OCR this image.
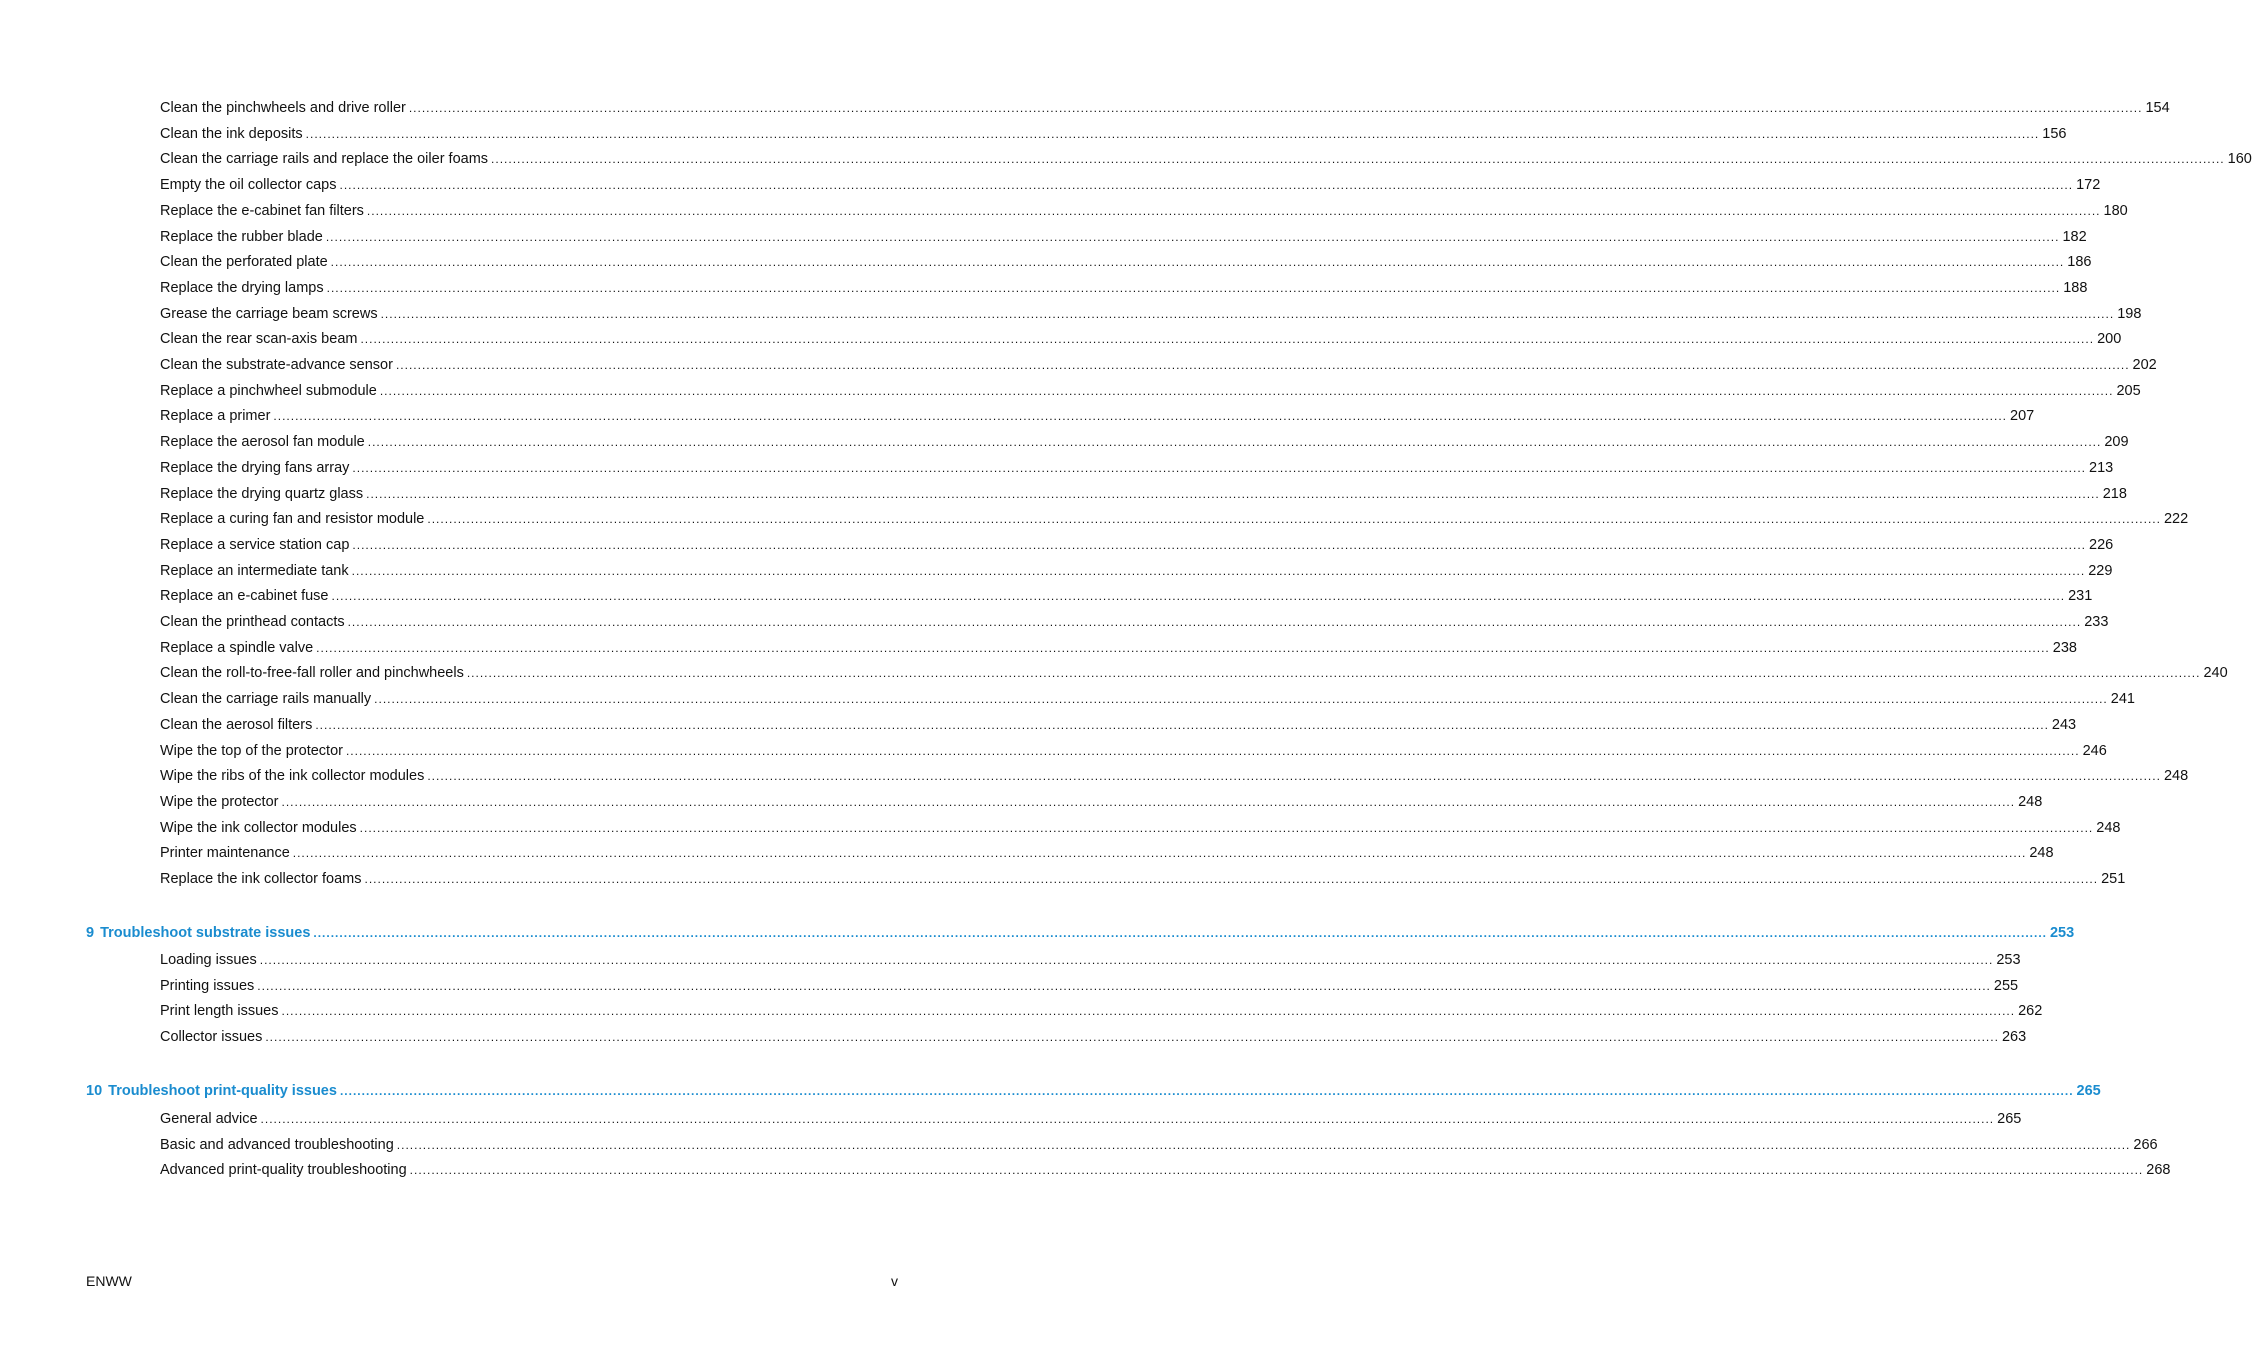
Clean the pinchwheels and drive roller ................................................................................................................................................................................................................................................................................................................................................................................................................ 154
Clean the ink deposits ................................................................................................................................................................................................................................................................................................................................................................................................................ 156
Clean the carriage rails and replace the oiler foams ................................................................................................................................................................................................................................................................................................................................................................................................................ 160
Empty the oil collector caps ................................................................................................................................................................................................................................................................................................................................................................................................................ 172
Replace the e-cabinet fan filters ................................................................................................................................................................................................................................................................................................................................................................................................................ 180
Replace the rubber blade ................................................................................................................................................................................................................................................................................................................................................................................................................ 182
Clean the perforated plate ................................................................................................................................................................................................................................................................................................................................................................................................................ 186
Replace the drying lamps ................................................................................................................................................................................................................................................................................................................................................................................................................ 188
Grease the carriage beam screws ................................................................................................................................................................................................................................................................................................................................................................................................................ 198
Clean the rear scan-axis beam ................................................................................................................................................................................................................................................................................................................................................................................................................ 200
Clean the substrate-advance sensor ................................................................................................................................................................................................................................................................................................................................................................................................................ 202
Replace a pinchwheel submodule ................................................................................................................................................................................................................................................................................................................................................................................................................ 205
Replace a primer ................................................................................................................................................................................................................................................................................................................................................................................................................ 207
Replace the aerosol fan module ................................................................................................................................................................................................................................................................................................................................................................................................................ 209
Replace the drying fans array ................................................................................................................................................................................................................................................................................................................................................................................................................ 213
Replace the drying quartz glass ................................................................................................................................................................................................................................................................................................................................................................................................................ 218
Replace a curing fan and resistor module ................................................................................................................................................................................................................................................................................................................................................................................................................ 222
Replace a service station cap ................................................................................................................................................................................................................................................................................................................................................................................................................ 226
Replace an intermediate tank ................................................................................................................................................................................................................................................................................................................................................................................................................ 229
Replace an e-cabinet fuse ................................................................................................................................................................................................................................................................................................................................................................................................................ 231
Clean the printhead contacts ................................................................................................................................................................................................................................................................................................................................................................................................................ 233
Replace a spindle valve ................................................................................................................................................................................................................................................................................................................................................................................................................ 238
Clean the roll-to-free-fall roller and pinchwheels ................................................................................................................................................................................................................................................................................................................................................................................................................ 240
Clean the carriage rails manually ................................................................................................................................................................................................................................................................................................................................................................................................................ 241
Clean the aerosol filters ................................................................................................................................................................................................................................................................................................................................................................................................................ 243
Wipe the top of the protector ................................................................................................................................................................................................................................................................................................................................................................................................................ 246
Wipe the ribs of the ink collector modules ................................................................................................................................................................................................................................................................................................................................................................................................................ 248
Wipe the protector ................................................................................................................................................................................................................................................................................................................................................................................................................ 248
Wipe the ink collector modules ................................................................................................................................................................................................................................................................................................................................................................................................................ 248
Printer maintenance ................................................................................................................................................................................................................................................................................................................................................................................................................ 248
Replace the ink collector foams ................................................................................................................................................................................................................................................................................................................................................................................................................ 251
9 Troubleshoot substrate issues ................................................................................................................................................................................................................................................................................................................................................................................................................ 253
Loading issues ................................................................................................................................................................................................................................................................................................................................................................................................................ 253
Printing issues ................................................................................................................................................................................................................................................................................................................................................................................................................ 255
Print length issues ................................................................................................................................................................................................................................................................................................................................................................................................................ 262
Collector issues ................................................................................................................................................................................................................................................................................................................................................................................................................ 263
10 Troubleshoot print-quality issues ................................................................................................................................................................................................................................................................................................................................................................................................................ 265
General advice ................................................................................................................................................................................................................................................................................................................................................................................................................ 265
Basic and advanced troubleshooting ................................................................................................................................................................................................................................................................................................................................................................................................................ 266
Advanced print-quality troubleshooting ................................................................................................................................................................................................................................................................................................................................................................................................................ 268
ENWW	v
